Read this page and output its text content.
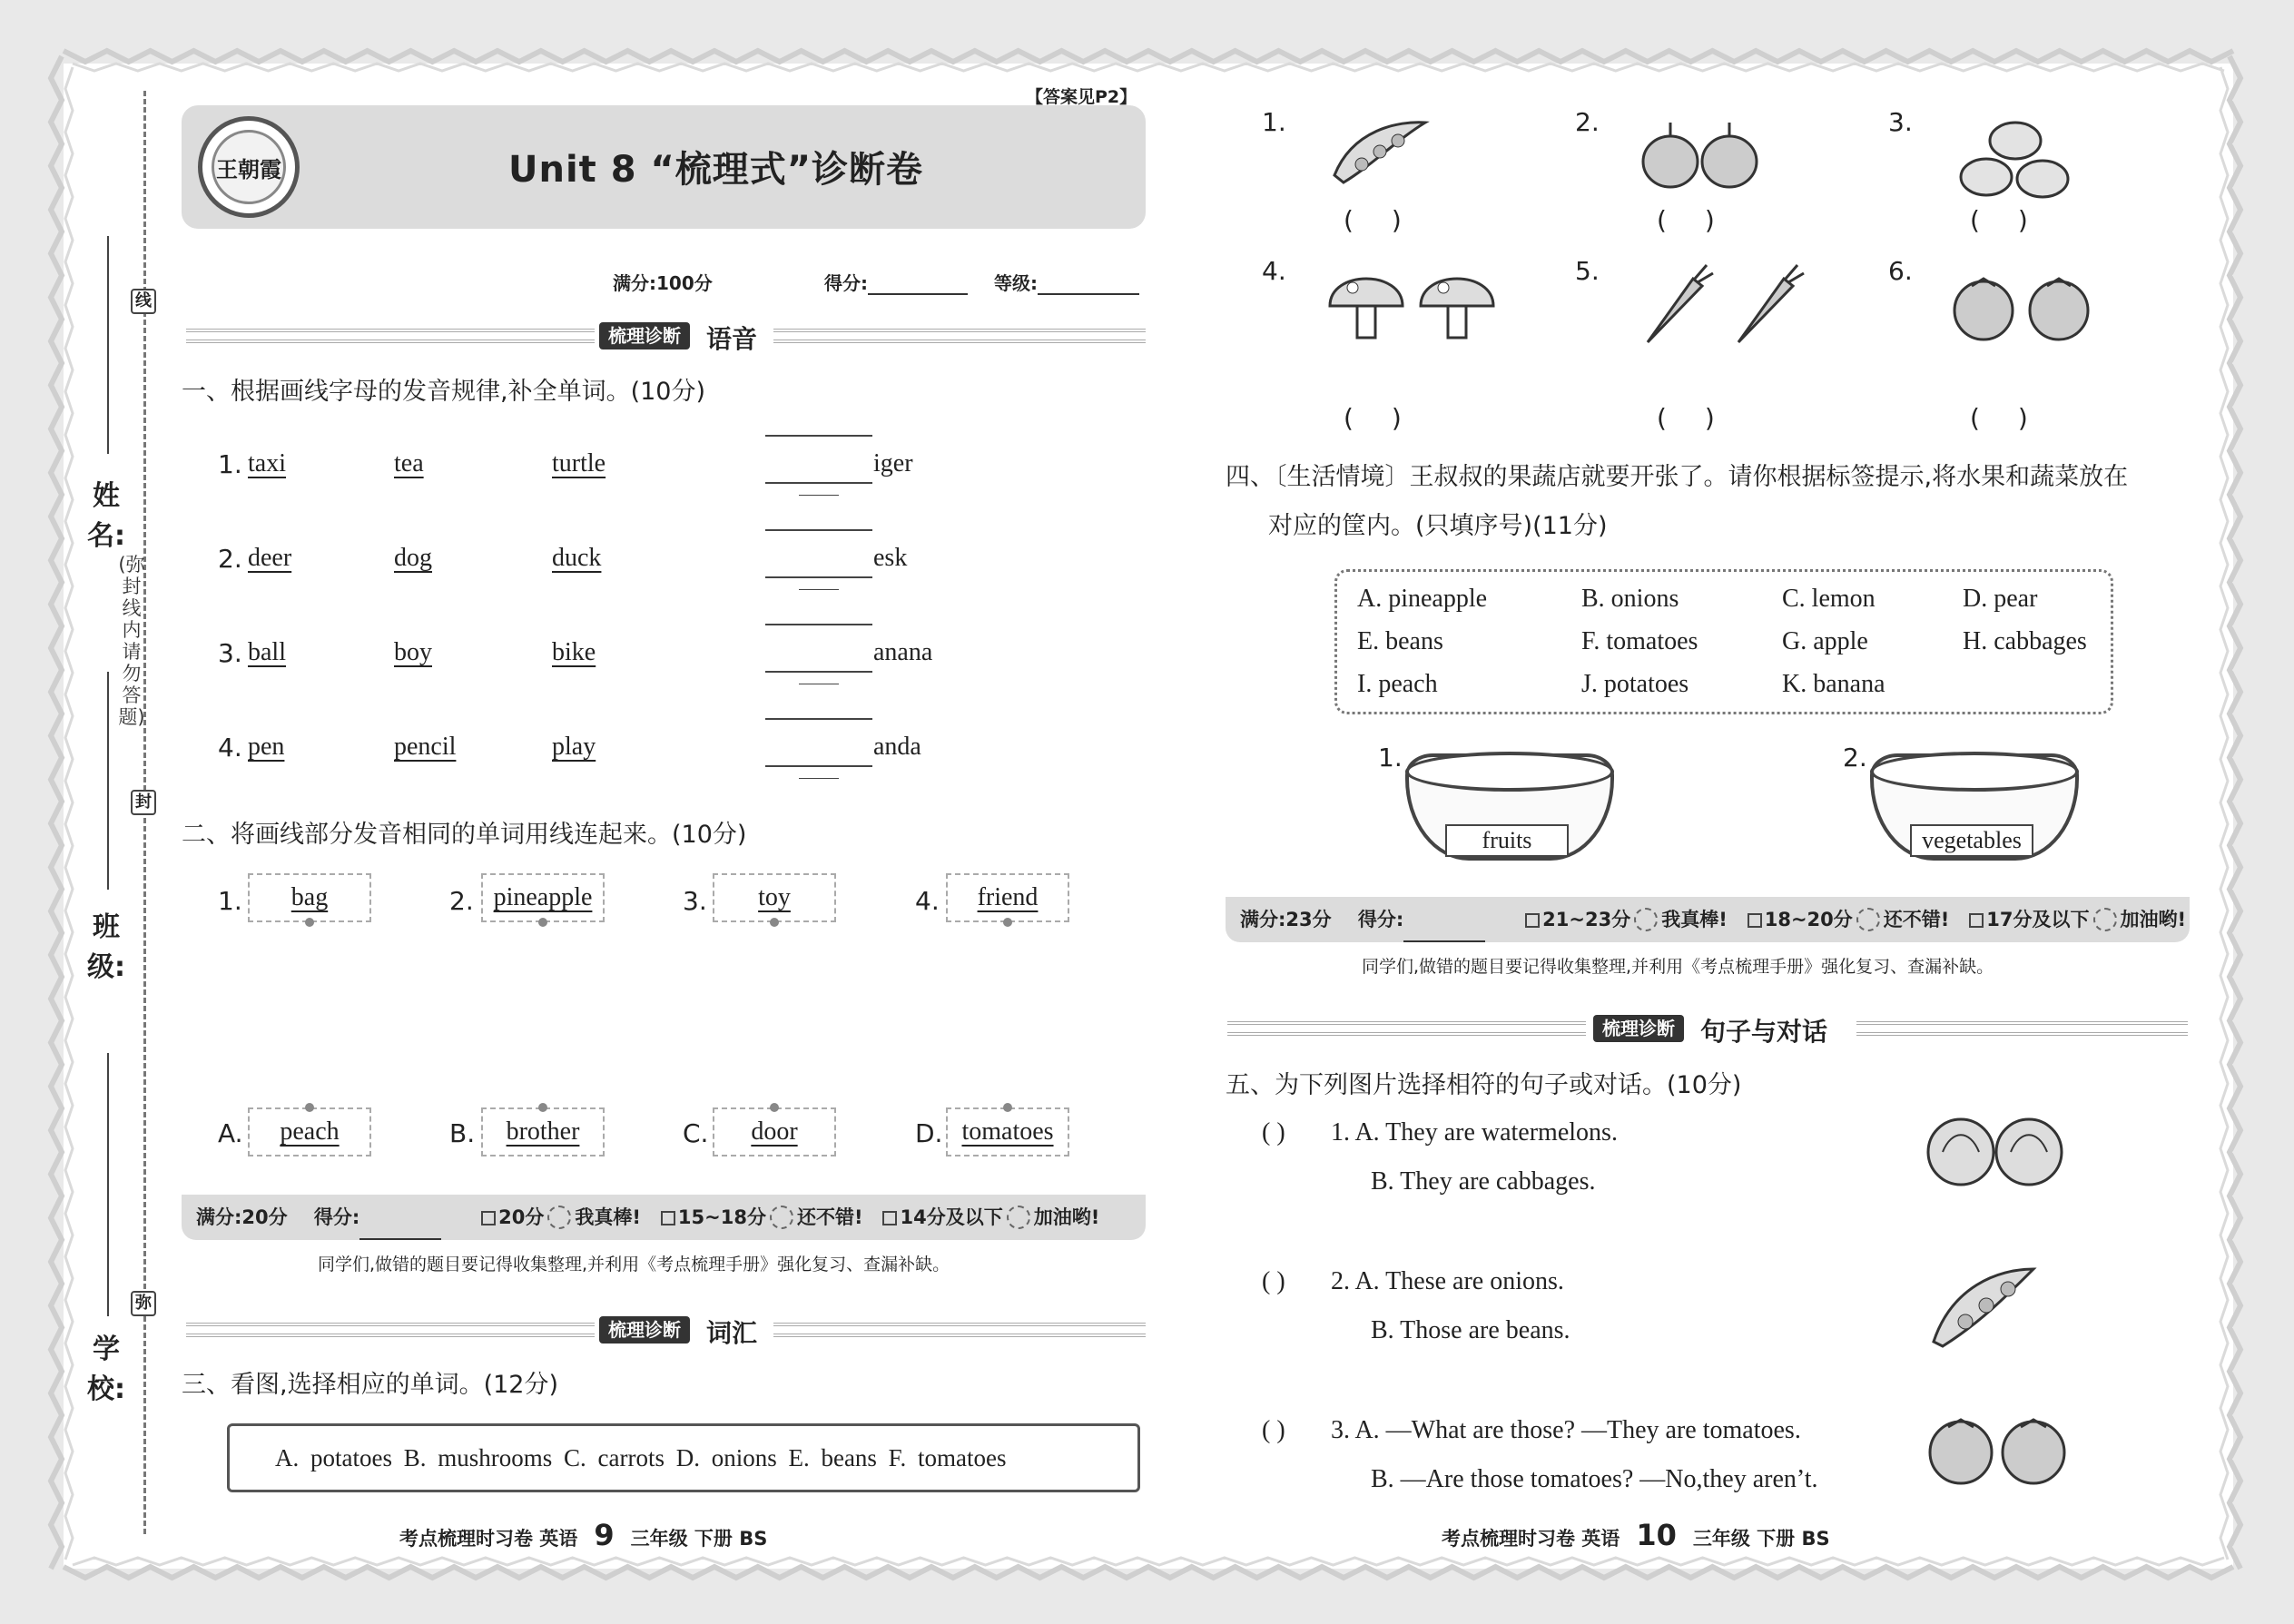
姓名:
班级:
学校:
线
封
弥
(弥封线内请勿答题)
【答案见P2】
王朝霞	Unit 8 “梳理式”诊断卷
满分:100分	得分:	等级:
梳理诊断	语音
一、根据画线字母的发音规律,补全单词。(10分)
1. taxi	tea	turtle	iger
2. deer	dog	duck	esk
3. ball	boy	bike	anana
4. pen	pencil	play	anda
二、将画线部分发音相同的单词用线连起来。(10分)
1.	bag	2. pineapple	3.	toy	4.	friend
A.	peach	B.	brother	C.	door	D. tomatoes
满分:20分 得分:	20分 我真棒! 15~18分 还不错! 14分及以下 加油哟!
同学们,做错的题目要记得收集整理,并利用《考点梳理手册》强化复习、查漏补缺。
梳理诊断	词汇
三、看图,选择相应的单词。(12分)
A. potatoes B. mushrooms C. carrots D. onions E. beans F. tomatoes
考点梳理时习卷 英语 9 三年级 下册 BS
1.
()
2.
()
3.
()
4.
()
5.
()
6.
()
四、〔生活情境〕王叔叔的果蔬店就要开张了。请你根据标签提示,将水果和蔬菜放在
对应的筐内。(只填序号)(11分)
A. pineapple	B. onions	C. lemon	D. pear
E. beans	F. tomatoes	G. apple	H. cabbages
I. peach	J. potatoes	K. banana
1.
fruits
2.
vegetables
满分:23分 得分:	21~23分 我真棒! 18~20分 还不错! 17分及以下 加油哟!
同学们,做错的题目要记得收集整理,并利用《考点梳理手册》强化复习、查漏补缺。
梳理诊断	句子与对话
五、为下列图片选择相符的句子或对话。(10分)
( ) 1. A. They are watermelons.
B. They are cabbages.
( ) 2. A. These are onions.
B. Those are beans.
( ) 3. A. —What are those? —They are tomatoes.
B. —Are those tomatoes? —No,they aren’t.
考点梳理时习卷 英语 10 三年级 下册 BS
